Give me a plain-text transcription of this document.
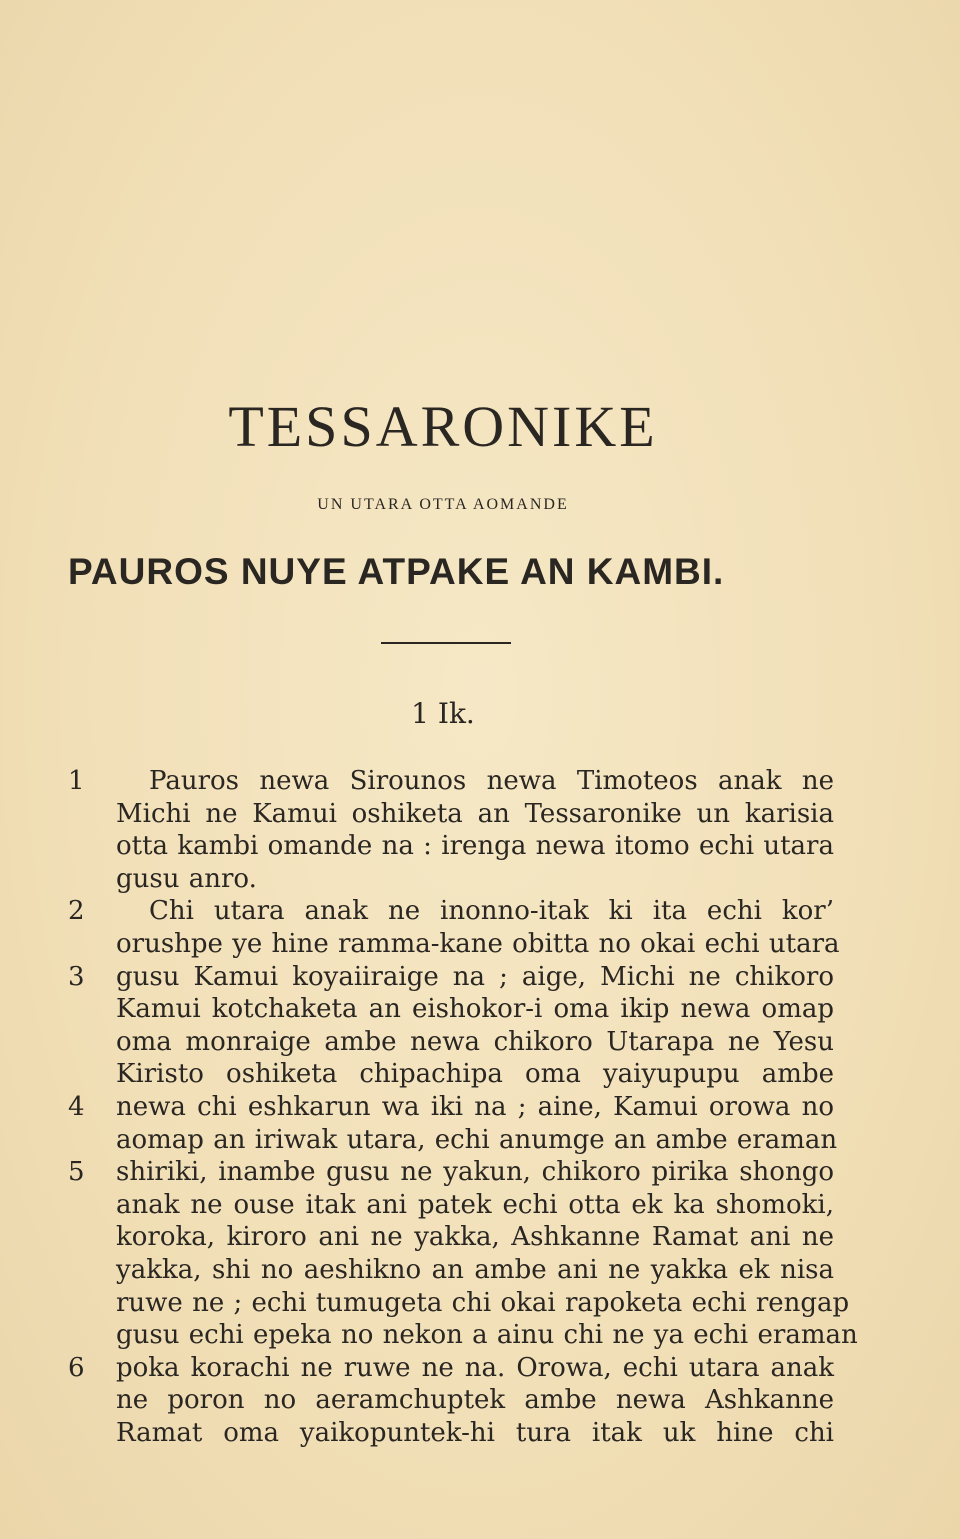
TESSARONIKE

UN UTARA OTTA AOMANDE

PAUROS NUYE ATPAKE AN KAMBI.

1 Ik.

1 Pauros newa Sirounos newa Timoteos anak ne
Michi ne Kamui oshiketa an Tessaronike un karisia
otta kambi omande na : irenga newa itomo echi utara
gusu anro.
2 Chi utara anak ne inonno-itak ki ita echi kor’
orushpe ye hine ramma-kane obitta no okai echi utara
3 gusu Kamui koyaiiraige na ; aige, Michi ne chikoro
Kamui kotchaketa an eishokor-i oma ikip newa omap
oma monraige ambe newa chikoro Utarapa ne Yesu
Kiristo oshiketa chipachipa oma yaiyupupu ambe
4 newa chi eshkarun wa iki na ; aine, Kamui orowa no
aomap an iriwak utara, echi anumge an ambe eraman
5 shiriki, inambe gusu ne yakun, chikoro pirika shongo
anak ne ouse itak ani patek echi otta ek ka shomoki,
koroka, kiroro ani ne yakka, Ashkanne Ramat ani ne
yakka, shi no aeshikno an ambe ani ne yakka ek nisa
ruwe ne ; echi tumugeta chi okai rapoketa echi rengap
gusu echi epeka no nekon a ainu chi ne ya echi eraman
6 poka korachi ne ruwe ne na. Orowa, echi utara anak
ne poron no aeramchuptek ambe newa Ashkanne
Ramat oma yaikopuntek-hi tura itak uk hine chi
